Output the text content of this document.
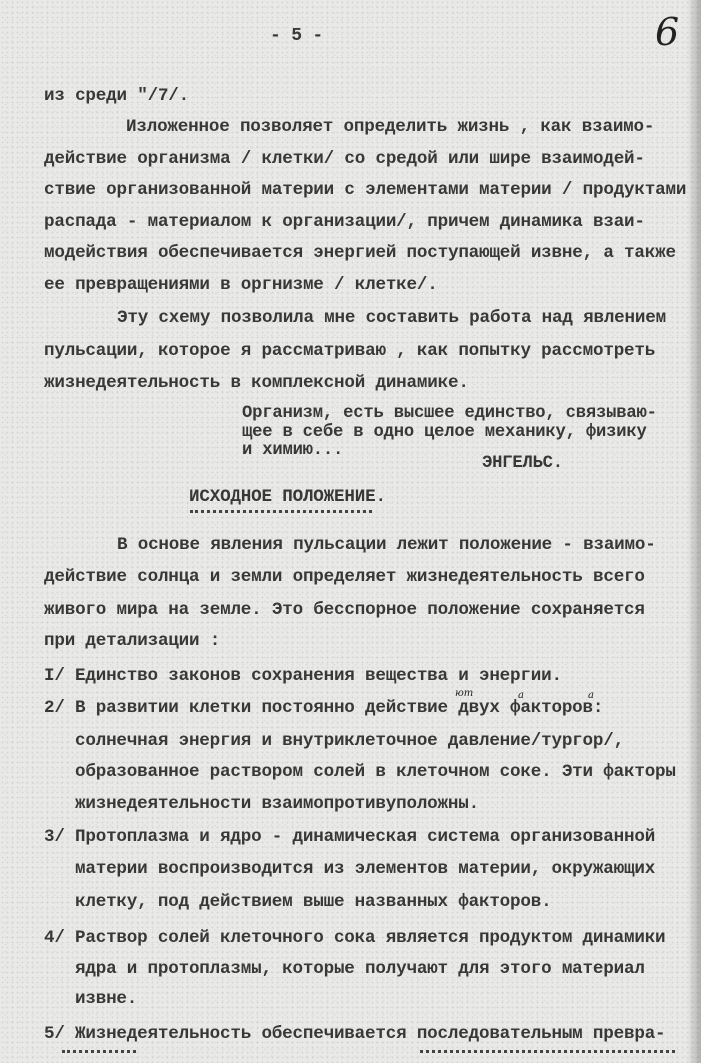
- 5 -	6
из среди "/7/.
Изложенное позволяет определить жизнь , как взаимо-
действие организма / клетки/ со средой или шире взаимодей-
ствие организованной материи с элементами материи / продуктами
распада - материалом к организации/, причем динамика взаи-
модействия обеспечивается энергией поступающей извне, а также
ее превращениями в оргнизме / клетке/.
Эту схему позволила мне составить работа над явлением
пульсации, которое я рассматриваю , как попытку рассмотреть
жизнедеятельность в комплексной динамике.
Организм, есть высшее единство, связываю-
щее в себе в одно целое механику, физику
и химию...
ЭНГЕЛЬС.
ИСХОДНОЕ ПОЛОЖЕНИЕ.
В основе явления пульсации лежит положение - взаимо-
действие солнца и земли определяет жизнедеятельность всего
живого мира на земле. Это бесспорное положение сохраняется
при детализации :
I/ Единство законов сохранения вещества и энергии.
2/ В развитии клетки постоянно действие двух факторов:
ют	а	а
солнечная энергия и внутриклеточное давление/тургор/,
образованное раствором солей в клеточном соке. Эти факторы
жизнедеятельности взаимопротивуположны.
3/ Протоплазма и ядро - динамическая система организованной
материи воспроизводится из элементов материи, окружающих
клетку, под действием выше названных факторов.
4/ Раствор солей клеточного сока является продуктом динамики
ядра и протоплазмы, которые получают для этого материал
извне.
5/ Жизнедеятельность обеспечивается последовательным превра-
